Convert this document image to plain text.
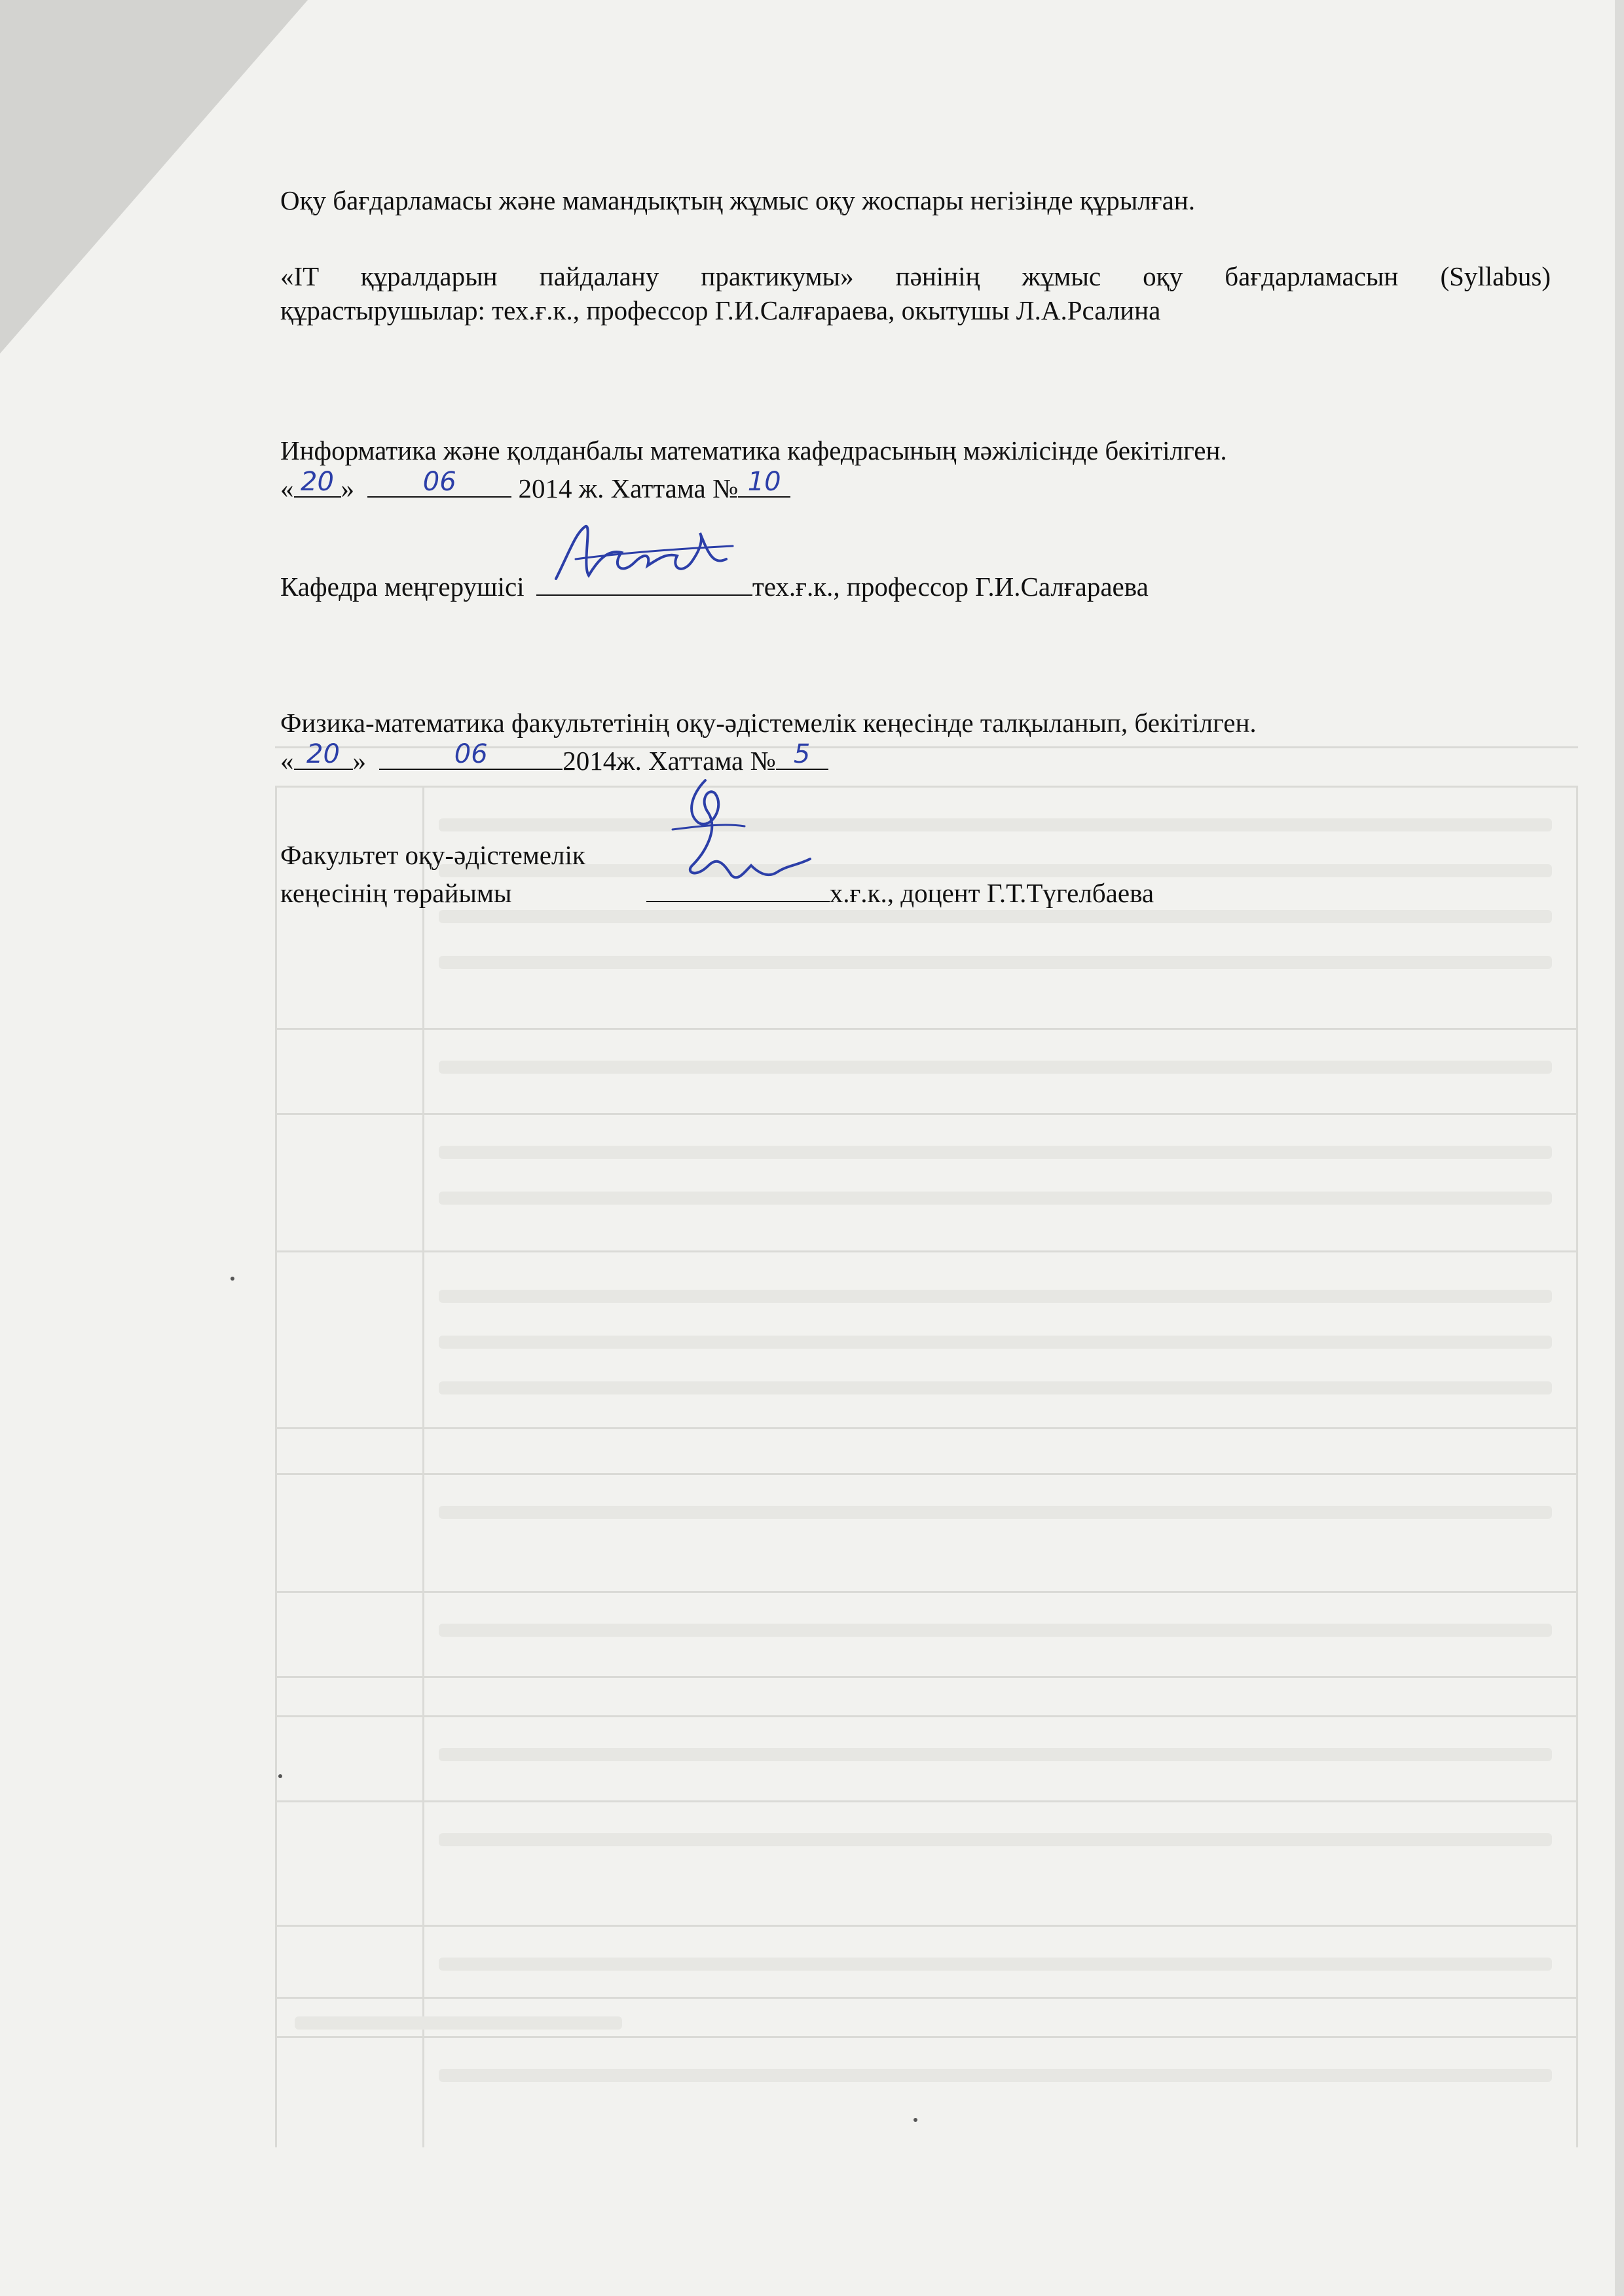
Оқу бағдарламасы және мамандықтың жұмыс оқу жоспары негізінде құрылған.
«IT құралдарын пайдалану практикумы» пәнінің жұмыс оқу бағдарламасын (Syllabus)
құрастырушылар: тех.ғ.к., профессор Г.И.Салғараева, окытушы Л.А.Рсалина
Информатика және қолданбалы математика кафедрасының мәжілісінде бекітілген.
« 20 »	06	2014 ж. Хаттама № 10
Кафедра меңгерушісі	тех.ғ.к., профессор Г.И.Салғараева
Физика-математика факультетінің оқу-әдістемелік кеңесінде талқыланып, бекітілген.
« 20 »	06	2014ж. Хаттама № 5
Факультет оқу-әдістемелік
кеңесінің төрайымы	х.ғ.к., доцент Г.Т.Түгелбаева
